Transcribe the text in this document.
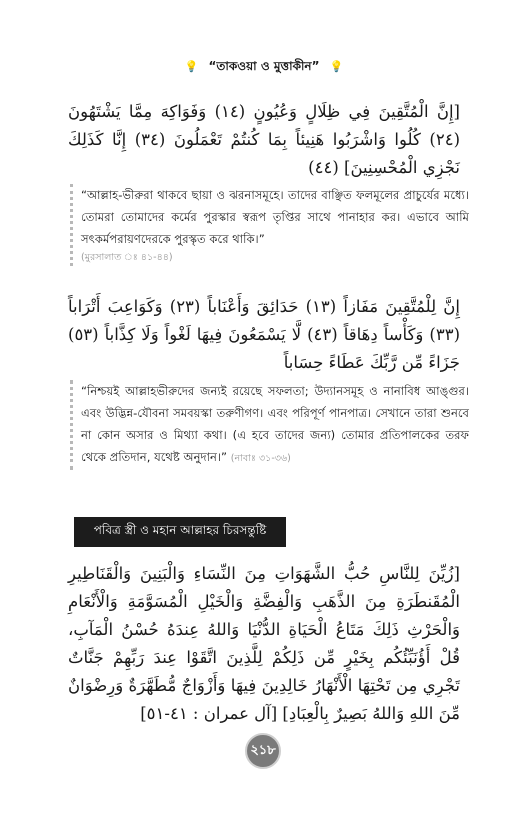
💡 “তাকওয়া ও মুত্তাকীন” 💡

[إِنَّ الْمُتَّقِينَ فِي ظِلَالٍ وَعُيُونٍ (١٤) وَفَوَاكِهَ مِمَّا يَشْتَهُونَ (٢٤) كُلُوا وَاشْرَبُوا هَنِيئاً بِمَا كُنتُمْ تَعْمَلُونَ (٣٤) إِنَّا كَذَلِكَ نَجْزِي الْمُحْسِنِينَ] (٤٤)

“আল্লাহ-ভীরুরা থাকবে ছায়া ও ঝরনাসমূহে। তাদের বাঞ্ছিত ফলমূলের প্রাচুর্যের মধ্যে। তোমরা তোমাদের কর্মের পুরস্কার স্বরূপ তৃপ্তির সাথে পানাহার কর। এভাবে আমি সৎকর্মপরায়ণদেরকে পুরস্কৃত করে থাকি।”
(মুরসালাত ঃ ৪১-৪৪)

إِنَّ لِلْمُتَّقِينَ مَفَازاً (١٣) حَدَائِقَ وَأَعْنَاباً (٢٣) وَكَوَاعِبَ أَتْرَاباً (٣٣) وَكَأْساً دِهَاقاً (٤٣) لَّا يَسْمَعُونَ فِيهَا لَغْواً وَلَا كِذَّاباً (٥٣) جَزَاءً مِّن رَّبِّكَ عَطَاءً حِسَاباً

“নিশ্চয়ই আল্লাহভীরুদের জন্যই রয়েছে সফলতা; উদ্যানসমূহ ও নানাবিধ আঙ্গুর। এবং উদ্ভিন্ন-যৌবনা সমবয়স্কা তরুণীগণ। এবং পরিপূর্ণ পানপাত্র। সেখানে তারা শুনবে না কোন অসার ও মিথ্যা কথা। (এ হবে তাদের জন্য) তোমার প্রতিপালকের তরফ থেকে প্রতিদান, যথেষ্ট অনুদান।” (নাবাঃ ৩১-৩৬)
পবিত্র স্ত্রী ও মহান আল্লাহর চিরসন্তুষ্টি

[زُيِّنَ لِلنَّاسِ حُبُّ الشَّهَوَاتِ مِنَ النِّسَاءِ وَالْبَنِينَ وَالْقَنَاطِيرِ الْمُقَنطَرَةِ مِنَ الذَّهَبِ وَالْفِضَّةِ وَالْخَيْلِ الْمُسَوَّمَةِ وَالْأَنْعَامِ وَالْحَرْثِ ذَلِكَ مَتَاعُ الْحَيَاةِ الدُّنْيَا وَاللهُ عِندَهُ حُسْنُ الْمَآبِ، قُلْ أَؤُنَبِّئُكُم بِخَيْرٍ مِّن ذَلِكُمْ لِلَّذِينَ اتَّقَوْا عِندَ رَبِّهِمْ جَنَّاتٌ تَجْرِي مِن تَحْتِهَا الْأَنْهَارُ خَالِدِينَ فِيهَا وَأَزْوَاجٌ مُّطَهَّرَةٌ وَرِضْوَانٌ مِّنَ اللهِ وَاللهُ بَصِيرٌ بِالْعِبَادِ] [آل عمران : ٤١-٥١]

২১৮
